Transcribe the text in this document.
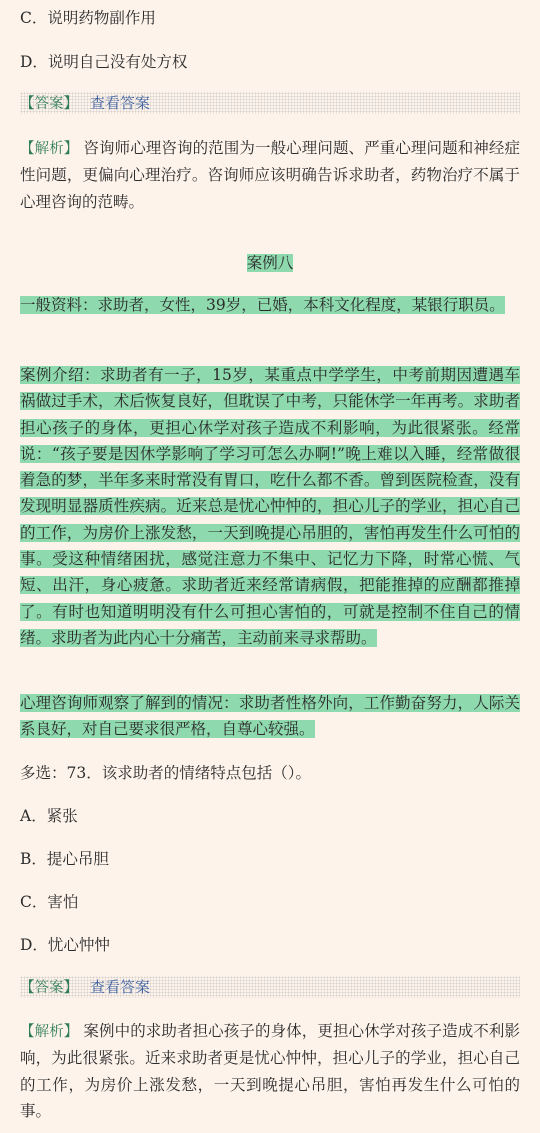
C．说明药物副作用
D．说明自己没有处方权
【答案】 查看答案
【解析】 咨询师心理咨询的范围为一般心理问题、严重心理问题和神经症性问题，更偏向心理治疗。咨询师应该明确告诉求助者，药物治疗不属于心理咨询的范畴。
案例八
一般资料：求助者，女性，39岁，已婚，本科文化程度，某银行职员。
案例介绍：求助者有一子，15岁，某重点中学学生，中考前期因遭遇车祸做过手术，术后恢复良好，但耽误了中考，只能休学一年再考。求助者担心孩子的身体，更担心休学对孩子造成不利影响，为此很紧张。经常说：“孩子要是因休学影响了学习可怎么办啊!”晚上难以入睡，经常做很着急的梦，半年多来时常没有胃口，吃什么都不香。曾到医院检查，没有发现明显器质性疾病。近来总是忧心忡忡的，担心儿子的学业，担心自己的工作，为房价上涨发愁，一天到晚提心吊胆的，害怕再发生什么可怕的事。受这种情绪困扰，感觉注意力不集中、记忆力下降，时常心慌、气短、出汗，身心疲惫。求助者近来经常请病假，把能推掉的应酬都推掉了。有时也知道明明没有什么可担心害怕的，可就是控制不住自己的情绪。求助者为此内心十分痛苦，主动前来寻求帮助。
心理咨询师观察了解到的情况：求助者性格外向，工作勤奋努力，人际关系良好，对自己要求很严格，自尊心较强。
多选：73．该求助者的情绪特点包括（）。
A．紧张
B．提心吊胆
C．害怕
D．忧心忡忡
【答案】 查看答案
【解析】 案例中的求助者担心孩子的身体，更担心休学对孩子造成不利影响，为此很紧张。近来求助者更是忧心忡忡，担心儿子的学业，担心自己的工作，为房价上涨发愁，一天到晚提心吊胆，害怕再发生什么可怕的事。
